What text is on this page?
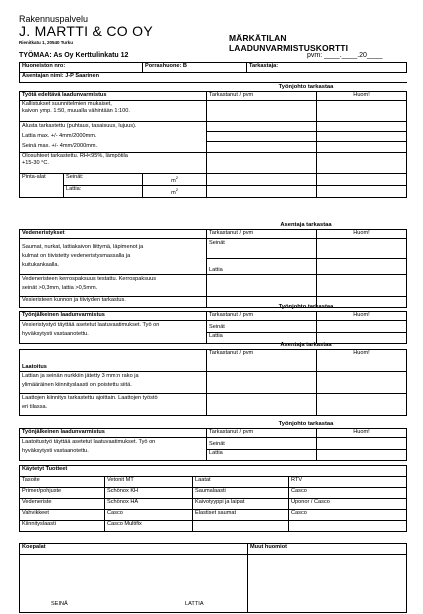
Rakennuspalvelu
J. MARTTI & CO OY
Rienitkatu 1, 20540 Turku	MÄRKÄTILAN LAADUNVARMISTUSKORTTI
TYÖMAA: As Oy Kerttulinkatu 12	pvm: ____.____.20____
Huoneiston nro:	Porrashuone: B	Tarkastaja:
Asentajan nimi: J-P Saarinen
Työnjohto tarkastaa
Työtä edeltävä laadunvarmistus			Tarkastanut / pvm	Huom!

Kallistukset suunnitelmien mukaiset,
kaivon ymp. 1:50, muualla vähintään 1:100.				

Alusta tarkastettu (puhtaus, tasaisuus, lujuus).
Lattia max. +/- 4mm/2000mm.
Seinä max. +/- 4mm/2000mm.				

Olosuhteet tarkastettu. RH<95%, lämpötila
+15-30 °C.				

Pinta-alat	Seinät:	$m^2$		
	Lattia:	$m^2$		
Asentaja tarkastaa
Vedeneristykset	Tarkastanut / pvm	Huom!

Saumat, nurkat, lattiakaivon liittymä, läpimenot ja
kulmat on tiivistetty vedeneristysmassalla ja
kuitukankaalla.	Seinät	

	Lattia	

Vedeneristeen kerrospaksuus testattu. Kerrospaksuus
seinät >0,3mm, lattia >0,5mm.		

Vesieristeen kunnon ja tiiviyden tarkastus.		
Työnjohto tarkastaa
Työnjälkeinen laadunvarmistus	Tarkastanut / pvm	Huom!

Vesieristystyö täyttää asetetut laatuvaatimukset. Työ on
hyväksytysti vastaanotettu.	Seinät	

	Lattia	
Asentaja tarkastaa
Laatoitus	Tarkastanut / pvm	Huom!

Lattian ja seinän nurkkiin jätetty 3 mm:n rako ja
ylimääräinen kiinnityslaasti on poistettu siitä.		

Laattojen kiinnitys tarkastettu ajoittain. Laattojen työstö
eri tilassa.		

Työnjohto tarkastaa
Työnjälkeinen laadunvarmistus	Tarkastanut / pvm	Huom!

Laatoitustyö täyttää asetetut laatuvaatimukset. Työ on
hyväksytysti vastaanotettu.	Seinät	

	Lattia	
Käytetyt Tuotteet			
Tasoite	Vetonit MT	Laatat	RTV
Primer/pohjuste	Schönox KH	Saumalaasti	Casco
Vedeneriste	Schönox HA	Kaivotyyppi ja laipat	Uponor / Casco
Vahvikkeet	Casco	Elastiset saumat	Casco
Kiinnityslaasti	Casco Multifix		
Koepalat	Muut huomiot

SEINÄ	LATTIA
